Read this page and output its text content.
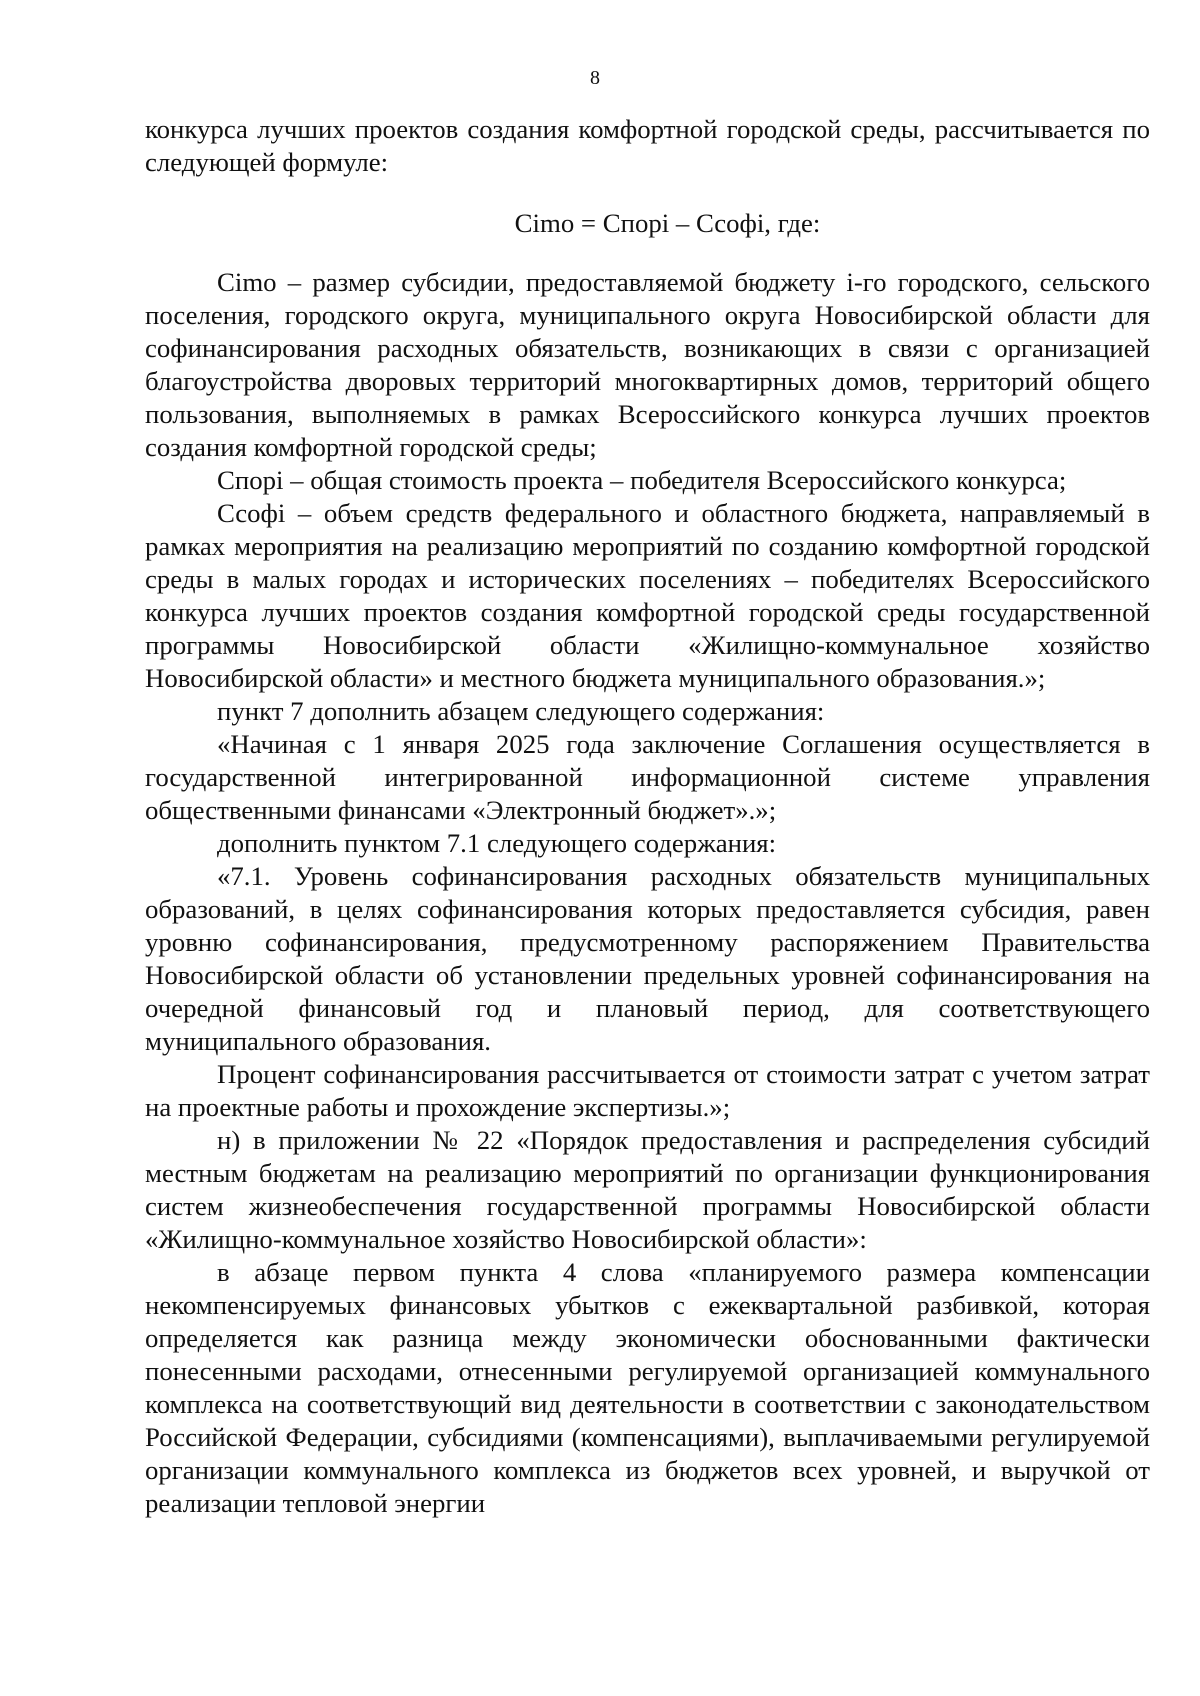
8

конкурса лучших проектов создания комфортной городской среды, рассчитывается по следующей формуле:

Сimo = Спорi – Ссофi, где:

Сimo – размер субсидии, предоставляемой бюджету i-го городского, сельского поселения, городского округа, муниципального округа Новосибирской области для софинансирования расходных обязательств, возникающих в связи с организацией благоустройства дворовых территорий многоквартирных домов, территорий общего пользования, выполняемых в рамках Всероссийского конкурса лучших проектов создания комфортной городской среды;

Спорi – общая стоимость проекта – победителя Всероссийского конкурса;

Ссофi – объем средств федерального и областного бюджета, направляемый в рамках мероприятия на реализацию мероприятий по созданию комфортной городской среды в малых городах и исторических поселениях – победителях Всероссийского конкурса лучших проектов создания комфортной городской среды государственной программы Новосибирской области «Жилищно-коммунальное хозяйство Новосибирской области» и местного бюджета муниципального образования.»;

пункт 7 дополнить абзацем следующего содержания:

«Начиная с 1 января 2025 года заключение Соглашения осуществляется в государственной интегрированной информационной системе управления общественными финансами «Электронный бюджет».»;

дополнить пунктом 7.1 следующего содержания:

«7.1. Уровень софинансирования расходных обязательств муниципальных образований, в целях софинансирования которых предоставляется субсидия, равен уровню софинансирования, предусмотренному распоряжением Правительства Новосибирской области об установлении предельных уровней софинансирования на очередной финансовый год и плановый период, для соответствующего муниципального образования.

Процент софинансирования рассчитывается от стоимости затрат с учетом затрат на проектные работы и прохождение экспертизы.»;

н) в приложении № 22 «Порядок предоставления и распределения субсидий местным бюджетам на реализацию мероприятий по организации функционирования систем жизнеобеспечения государственной программы Новосибирской области «Жилищно-коммунальное хозяйство Новосибирской области»:

в абзаце первом пункта 4 слова «планируемого размера компенсации некомпенсируемых финансовых убытков с ежеквартальной разбивкой, которая определяется как разница между экономически обоснованными фактически понесенными расходами, отнесенными регулируемой организацией коммунального комплекса на соответствующий вид деятельности в соответствии с законодательством Российской Федерации, субсидиями (компенсациями), выплачиваемыми регулируемой организации коммунального комплекса из бюджетов всех уровней, и выручкой от реализации тепловой энергии
